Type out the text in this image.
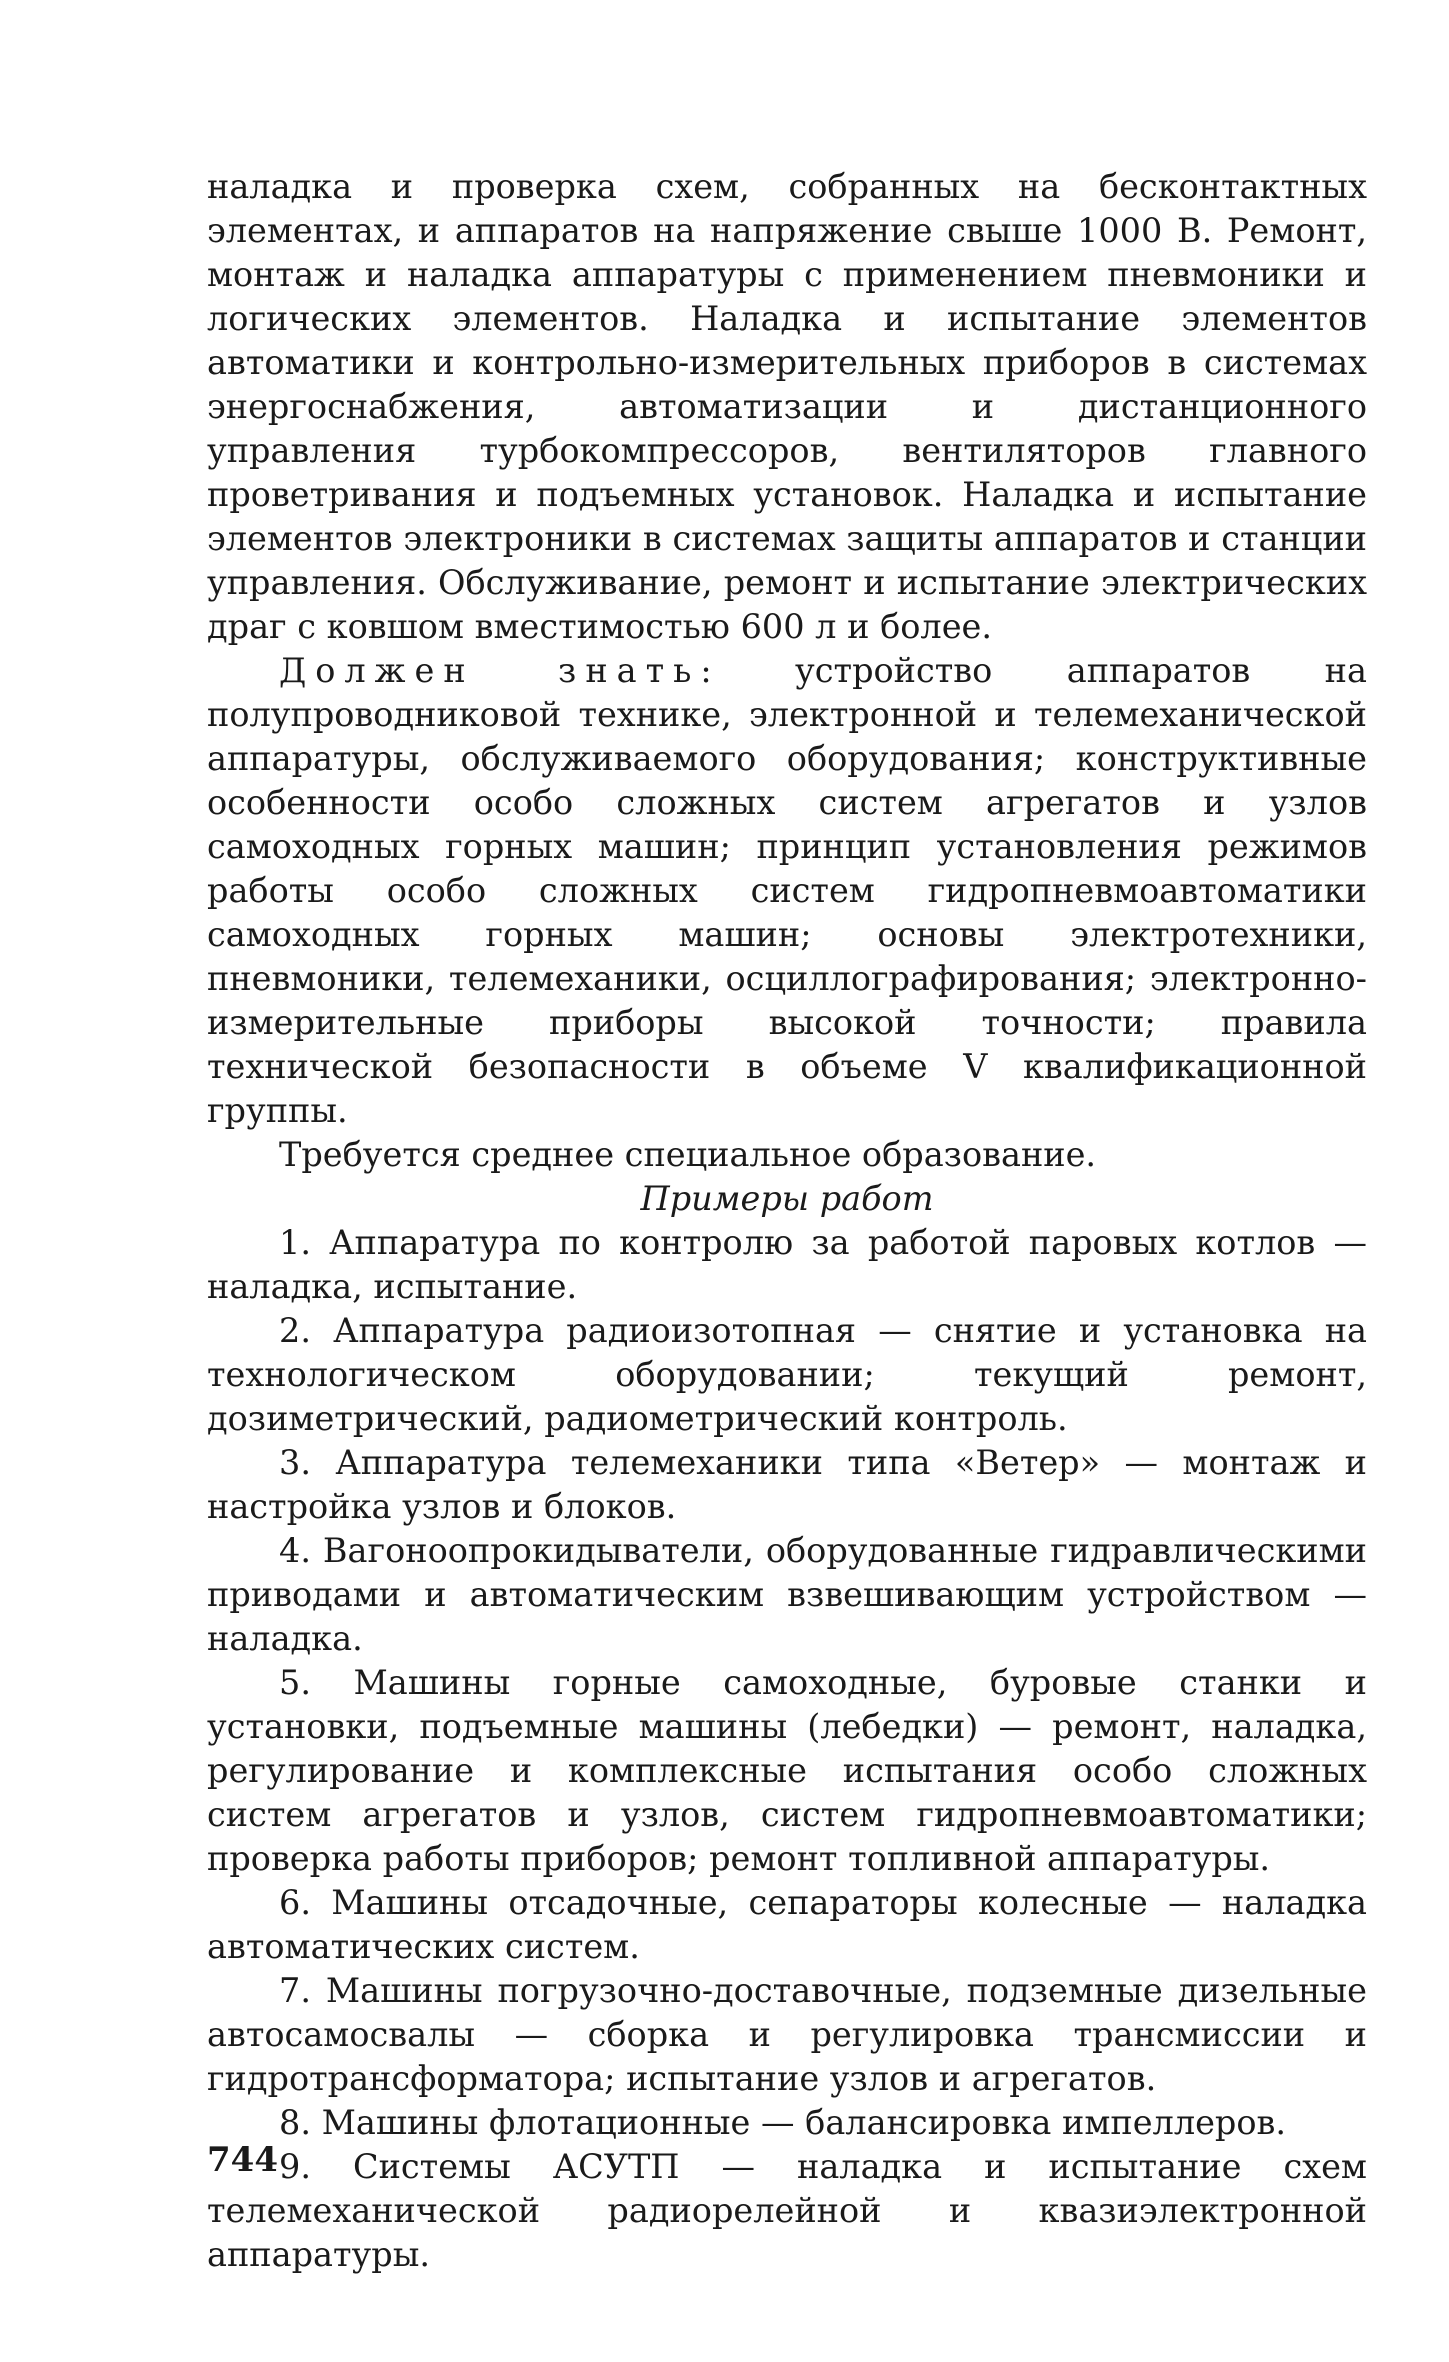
наладка и проверка схем, собранных на бесконтактных элементах, и аппаратов на напряжение свыше 1000 В. Ремонт, монтаж и наладка аппаратуры с применением пневмоники и логических элементов. Наладка и испытание элементов автоматики и контрольно-измерительных приборов в системах энергоснабжения, автоматизации и дистанционного управления турбокомпрессоров, вентиляторов главного проветривания и подъемных установок. Наладка и испытание элементов электроники в системах защиты аппаратов и станции управления. Обслуживание, ремонт и испытание электрических драг с ковшом вместимостью 600 л и более.

Должен знать: устройство аппаратов на полупроводниковой технике, электронной и телемеханической аппаратуры, обслуживаемого оборудования; конструктивные особенности особо сложных систем агрегатов и узлов самоходных горных машин; принцип установления режимов работы особо сложных систем гидропневмоавтоматики самоходных горных машин; основы электротехники, пневмоники, телемеханики, осциллографирования; электронно-измерительные приборы высокой точности; правила технической безопасности в объеме V квалификационной группы.

Требуется среднее специальное образование.

Примеры работ

1. Аппаратура по контролю за работой паровых котлов — наладка, испытание.

2. Аппаратура радиоизотопная — снятие и установка на технологическом оборудовании; текущий ремонт, дозиметрический, радиометрический контроль.

3. Аппаратура телемеханики типа «Ветер» — монтаж и настройка узлов и блоков.

4. Вагоноопрокидыватели, оборудованные гидравлическими приводами и автоматическим взвешивающим устройством — наладка.

5. Машины горные самоходные, буровые станки и установки, подъемные машины (лебедки) — ремонт, наладка, регулирование и комплексные испытания особо сложных систем агрегатов и узлов, систем гидропневмоавтоматики; проверка работы приборов; ремонт топливной аппаратуры.

6. Машины отсадочные, сепараторы колесные — наладка автоматических систем.

7. Машины погрузочно-доставочные, подземные дизельные автосамосвалы — сборка и регулировка трансмиссии и гидротрансформатора; испытание узлов и агрегатов.

8. Машины флотационные — балансировка импеллеров.

9. Системы АСУТП — наладка и испытание схем телемеханической радиорелейной и квазиэлектронной аппаратуры.

744
